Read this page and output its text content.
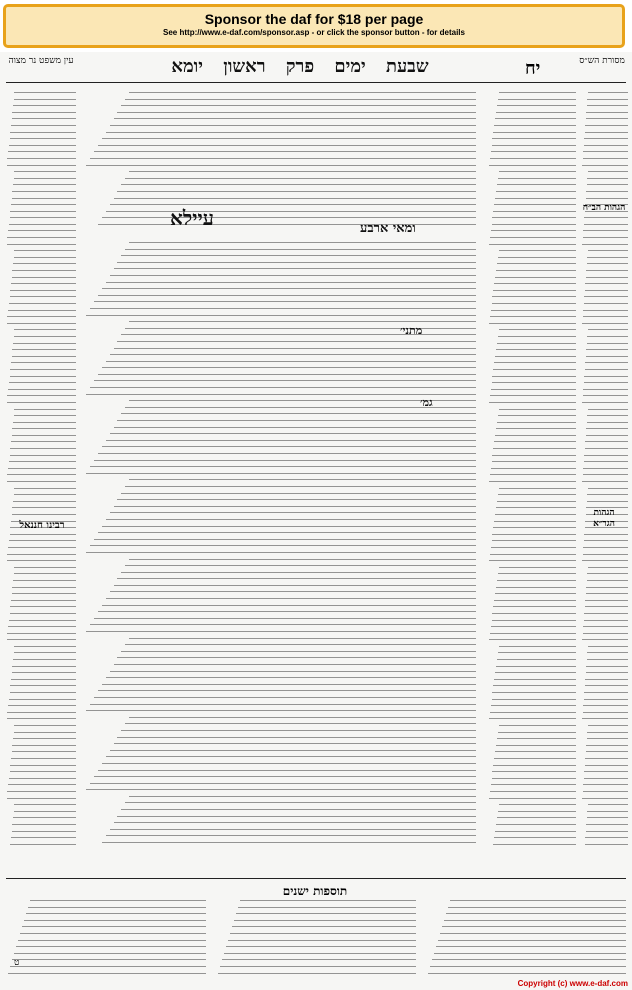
Sponsor the daf for $18 per page
See http://www.e-daf.com/sponsor.asp - or click the sponsor button - for details
עין משפט נר מצוה	שבעת ימים פרק ראשון יומא	יח	מסורת הש״ס
ומאי ארבע
עיילא
מתני׳
גמ׳
רבינו חננאל
הגהות הב״ח
הגהות הגר״א
תוספות ישנים
ט
Copyright (c) www.e-daf.com
